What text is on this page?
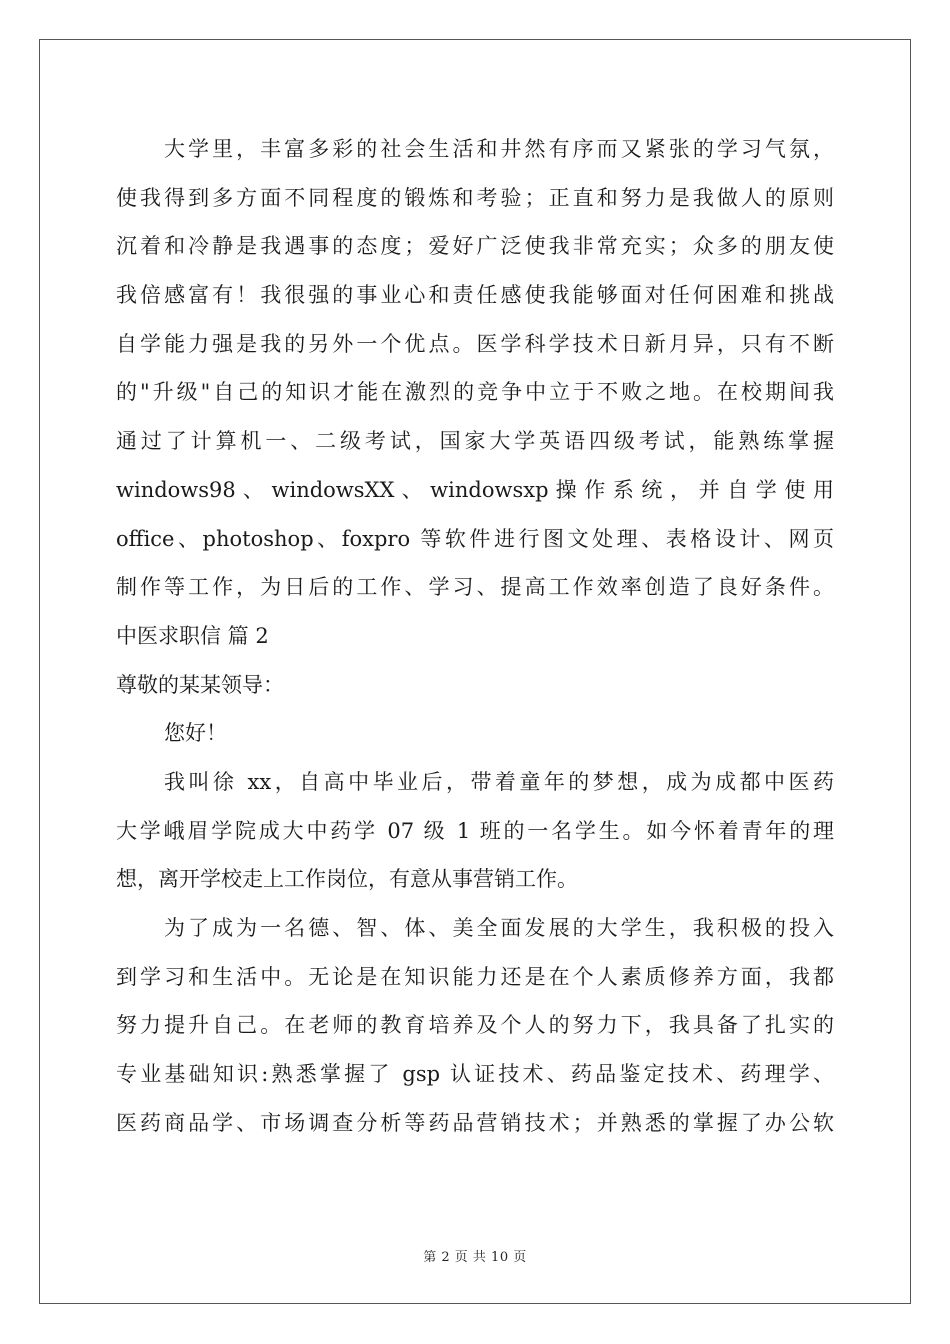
大学里，丰富多彩的社会生活和井然有序而又紧张的学习气氛，
使我得到多方面不同程度的锻炼和考验；正直和努力是我做人的原则
沉着和冷静是我遇事的态度；爱好广泛使我非常充实；众多的朋友使
我倍感富有！我很强的事业心和责任感使我能够面对任何困难和挑战
自学能力强是我的另外一个优点。医学科学技术日新月异，只有不断
的"升级"自己的知识才能在激烈的竞争中立于不败之地。在校期间我
通过了计算机一、二级考试，国家大学英语四级考试，能熟练掌握
windows98 、 windowsXX 、 windowsxp 操 作 系 统 ， 并 自 学 使 用
office、photoshop、foxpro 等软件进行图文处理、表格设计、网页
制作等工作，为日后的工作、学习、提高工作效率创造了良好条件。
中医求职信 篇 2
尊敬的某某领导：
您好！
我叫徐 xx，自高中毕业后，带着童年的梦想，成为成都中医药
大学峨眉学院成大中药学 07 级 1 班的一名学生。如今怀着青年的理
想，离开学校走上工作岗位，有意从事营销工作。
为了成为一名德、智、体、美全面发展的大学生，我积极的投入
到学习和生活中。无论是在知识能力还是在个人素质修养方面，我都
努力提升自己。在老师的教育培养及个人的努力下，我具备了扎实的
专业基础知识:熟悉掌握了 gsp 认证技术、药品鉴定技术、药理学、
医药商品学、市场调查分析等药品营销技术；并熟悉的掌握了办公软
第 2 页 共 10 页
